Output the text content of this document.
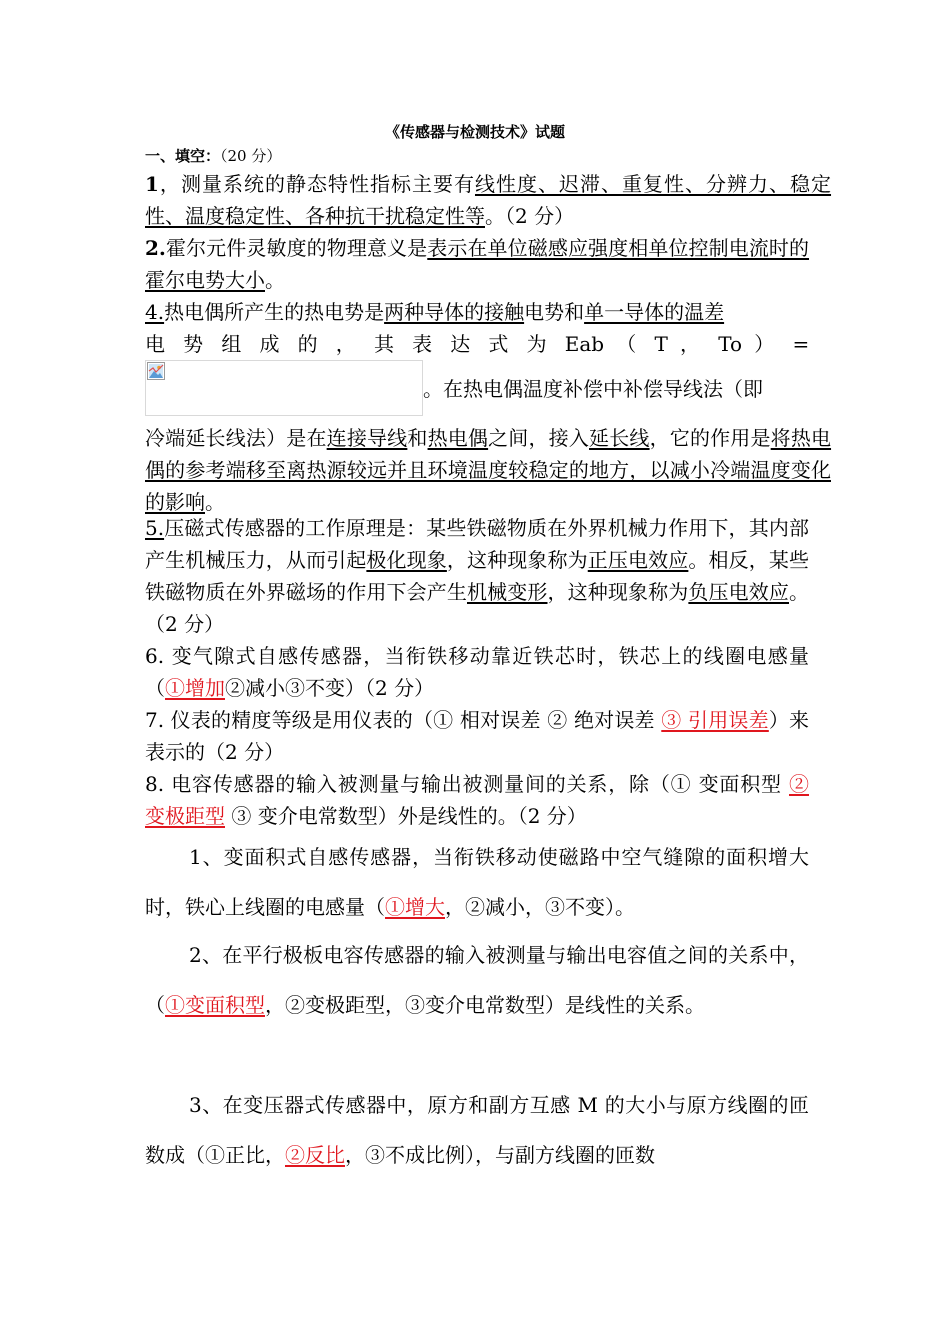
《传感器与检测技术》试题
一、填空：（20 分）
1，测量系统的静态特性指标主要有线性度、迟滞、重复性、分辨力、稳定性、温度稳定性、各种抗干扰稳定性等。（2 分）
2.霍尔元件灵敏度的物理意义是表示在单位磁感应强度相单位控制电流时的霍尔电势大小。
4.热电偶所产生的热电势是两种导体的接触电势和单一导体的温差
电 势 组 成 的 ， 其 表 达 式 为 Eab （ T ， To ） =
。在热电偶温度补偿中补偿导线法（即
冷端延长线法）是在连接导线和热电偶之间，接入延长线，它的作用是将热电偶的参考端移至离热源较远并且环境温度较稳定的地方，以减小冷端温度变化的影响。
5.压磁式传感器的工作原理是：某些铁磁物质在外界机械力作用下，其内部产生机械压力，从而引起极化现象，这种现象称为正压电效应。相反，某些铁磁物质在外界磁场的作用下会产生机械变形，这种现象称为负压电效应。（2 分）
6. 变气隙式自感传感器，当衔铁移动靠近铁芯时，铁芯上的线圈电感量（①增加②减小③不变）（2 分）
7. 仪表的精度等级是用仪表的（① 相对误差 ② 绝对误差 ③ 引用误差）来表示的（2 分）
8. 电容传感器的输入被测量与输出被测量间的关系，除（① 变面积型 ② 变极距型 ③ 变介电常数型）外是线性的。（2 分）
1、变面积式自感传感器，当衔铁移动使磁路中空气缝隙的面积增大时，铁心上线圈的电感量（①增大，②减小，③不变）。
2、在平行极板电容传感器的输入被测量与输出电容值之间的关系中，（①变面积型，②变极距型，③变介电常数型）是线性的关系。
3、在变压器式传感器中，原方和副方互感 M 的大小与原方线圈的匝数成（①正比，②反比，③不成比例），与副方线圈的匝数
